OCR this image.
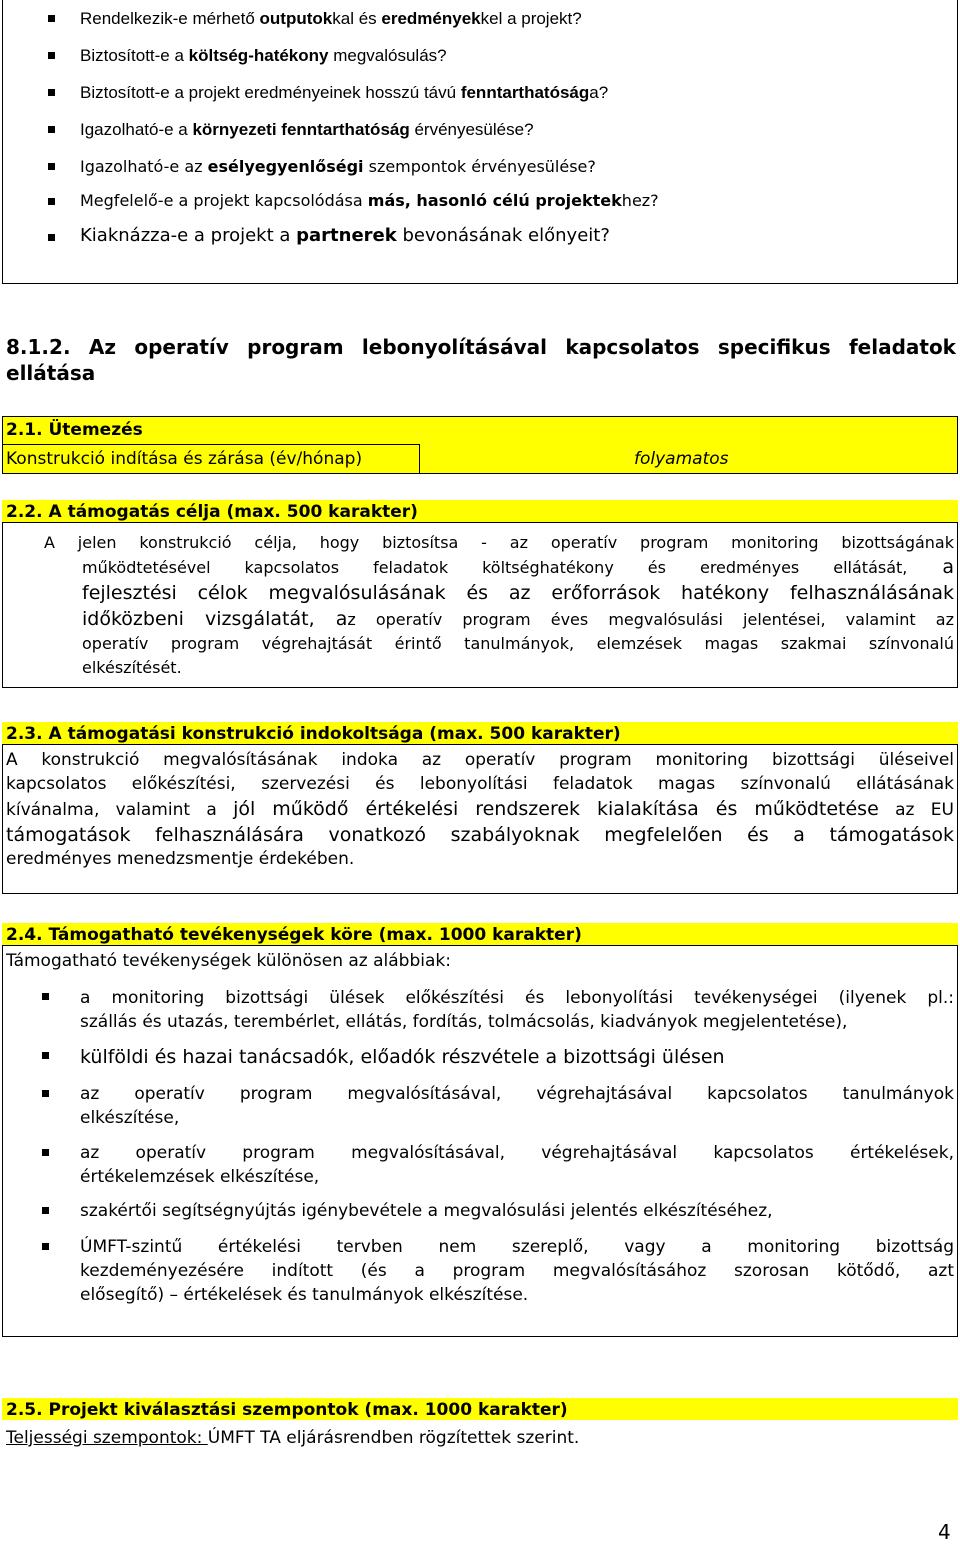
Rendelkezik-e mérhető outputokkal és eredményekkel a projekt?
Biztosított-e a költség-hatékony megvalósulás?
Biztosított-e a projekt eredményeinek hosszú távú fenntarthatósága?
Igazolható-e a környezeti fenntarthatóság érvényesülése?
Igazolható-e az esélyegyenlőségi szempontok érvényesülése?
Megfelelő-e a projekt kapcsolódása más, hasonló célú projektekhez?
Kiaknázza-e a projekt a partnerek bevonásának előnyeit?
8.1.2. Az operatív program lebonyolításával kapcsolatos specifikus feladatok ellátása
2.1. Ütemezés
Konstrukció indítása és zárása (év/hónap)	folyamatos
2.2. A támogatás célja (max. 500 karakter)
A jelen konstrukció célja, hogy biztosítsa - az operatív program monitoring bizottságának
működtetésével kapcsolatos feladatok költséghatékony és eredményes ellátását, a
fejlesztési célok megvalósulásának és az erőforrások hatékony felhasználásának
időközbeni vizsgálatát, az operatív program éves megvalósulási jelentései, valamint az
operatív program végrehajtását érintő tanulmányok, elemzések magas szakmai színvonalú
elkészítését.
2.3. A támogatási konstrukció indokoltsága (max. 500 karakter)
A konstrukció megvalósításának indoka az operatív program monitoring bizottsági üléseivel
kapcsolatos előkészítési, szervezési és lebonyolítási feladatok magas színvonalú ellátásának
kívánalma, valamint a jól működő értékelési rendszerek kialakítása és működtetése az EU
támogatások felhasználására vonatkozó szabályoknak megfelelően és a támogatások
eredményes menedzsmentje érdekében.
2.4. Támogatható tevékenységek köre (max. 1000 karakter)
Támogatható tevékenységek különösen az alábbiak:
a monitoring bizottsági ülések előkészítési és lebonyolítási tevékenységei (ilyenek pl.:
szállás és utazás, terembérlet, ellátás, fordítás, tolmácsolás, kiadványok megjelentetése),
külföldi és hazai tanácsadók, előadók részvétele a bizottsági ülésen
az operatív program megvalósításával, végrehajtásával kapcsolatos tanulmányok
elkészítése,
az operatív program megvalósításával, végrehajtásával kapcsolatos értékelések,
értékelemzések elkészítése,
szakértői segítségnyújtás igénybevétele a megvalósulási jelentés elkészítéséhez,
ÚMFT-szintű értékelési tervben nem szereplő, vagy a monitoring bizottság
kezdeményezésére indított (és a program megvalósításához szorosan kötődő, azt
elősegítő) – értékelések és tanulmányok elkészítése.
2.5. Projekt kiválasztási szempontok (max. 1000 karakter)
Teljességi szempontok: ÚMFT TA eljárásrendben rögzítettek szerint.
4
